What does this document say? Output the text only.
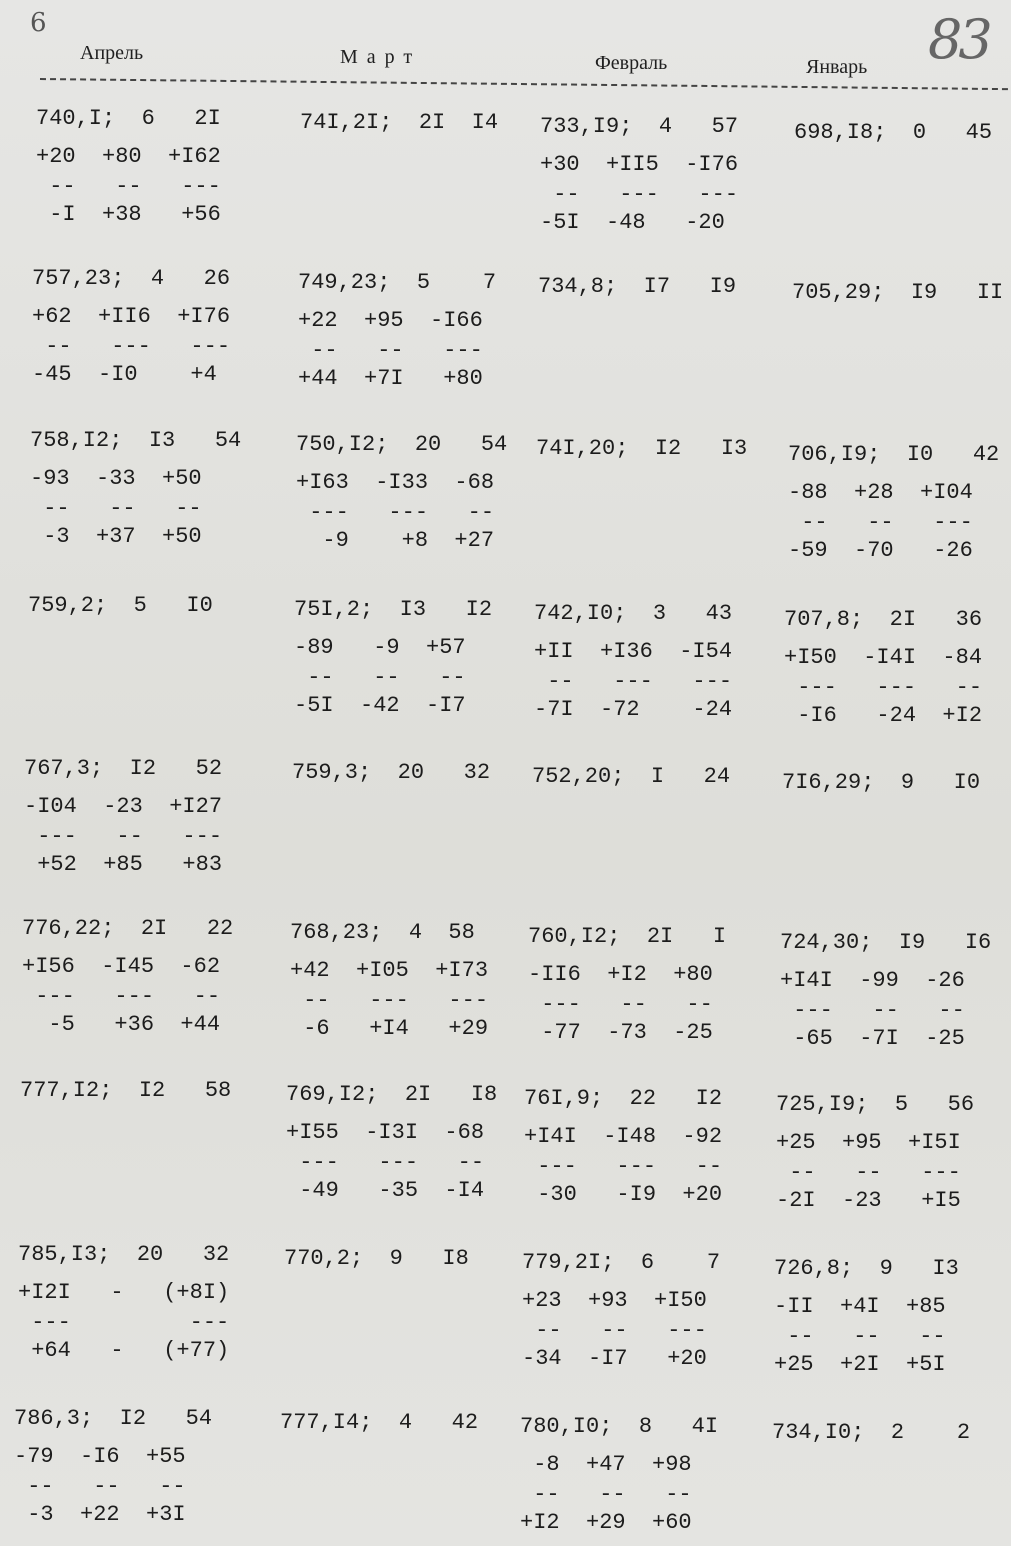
6	83
Апрель	Март	Февраль	Январь
740,I;  6   2I
+20  +80  +I62
--   --   ---
-I  +38   +56
74I,2I;  2I  I4	733,I9;  4   57
+30  +II5  -I76
--   ---   ---
-5I  -48   -20
698,I8;  0   45
757,23;  4   26
+62  +II6  +I76
--   ---   ---
-45  -I0    +4
749,23;  5    7
+22  +95  -I66
--   --   ---
+44  +7I   +80
734,8;  I7   I9	705,29;  I9   II
758,I2;  I3   54
-93  -33  +50
--   --   --
-3  +37  +50
750,I2;  20   54
+I63  -I33  -68
---   ---   --
-9    +8  +27
74I,20;  I2   I3	706,I9;  I0   42
-88  +28  +I04
--   --   ---
-59  -70   -26
759,2;  5   I0	75I,2;  I3   I2
-89   -9  +57
--   --   --
-5I  -42  -I7
742,I0;  3   43
+II  +I36  -I54
--   ---   ---
-7I  -72    -24
707,8;  2I   36
+I50  -I4I  -84
---   ---   --
-I6   -24  +I2
767,3;  I2   52
-I04  -23  +I27
---   --   ---
+52  +85   +83
759,3;  20   32	752,20;  I   24	7I6,29;  9   I0
776,22;  2I   22
+I56  -I45  -62
---   ---   --
-5   +36  +44
768,23;  4  58
+42  +I05  +I73
--   ---   ---
-6   +I4   +29
760,I2;  2I   I
-II6  +I2  +80
---   --   --
-77  -73  -25
724,30;  I9   I6
+I4I  -99  -26
---   --   --
-65  -7I  -25
777,I2;  I2   58	769,I2;  2I   I8
+I55  -I3I  -68
---   ---   --
-49   -35  -I4
76I,9;  22   I2
+I4I  -I48  -92
---   ---   --
-30   -I9  +20
725,I9;  5   56
+25  +95  +I5I
--   --   ---
-2I  -23   +I5
785,I3;  20   32
+I2I   -   (+8I)
---         ---
+64   -   (+77)
770,2;  9   I8	779,2I;  6    7
+23  +93  +I50
--   --   ---
-34  -I7   +20
726,8;  9   I3
-II  +4I  +85
--   --   --
+25  +2I  +5I
786,3;  I2   54
-79  -I6  +55
--   --   --
-3  +22  +3I
777,I4;  4   42	780,I0;  8   4I
-8  +47  +98
--   --   --
+I2  +29  +60
734,I0;  2    2
